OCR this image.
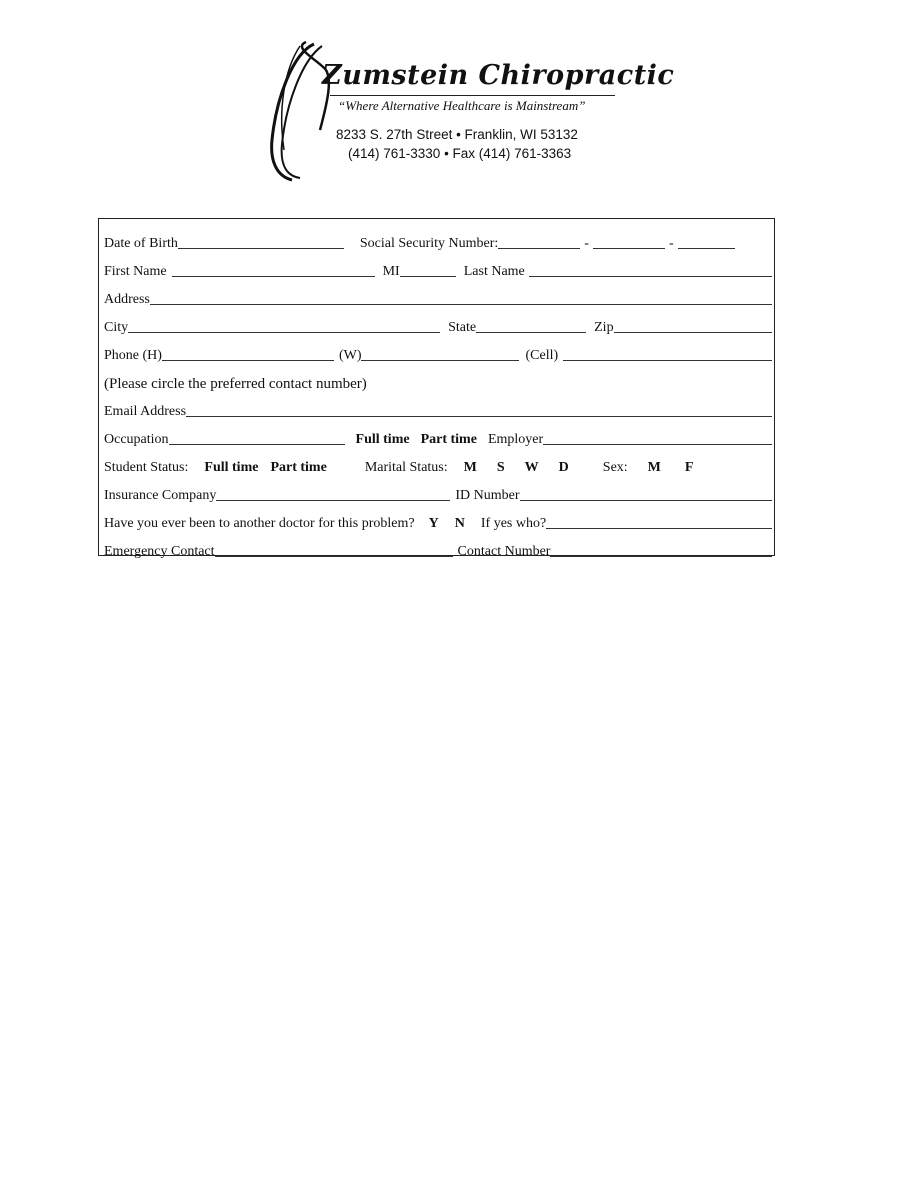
Zumstein Chiropractic
“Where Alternative Healthcare is Mainstream”
8233 S. 27th Street • Franklin, WI 53132
(414) 761-3330 • Fax (414) 761-3363
Date of Birth	Social Security Number:	-	-
First Name	MI	Last Name
Address
City	State	Zip
Phone (H)	(W)	(Cell)
(Please circle the preferred contact number)
Email Address
Occupation	Full time Part time Employer
Student Status: Full time Part time	Marital Status: M S W D Sex: M F
Insurance Company	ID Number
Have you ever been to another doctor for this problem? Y N If yes who?
Emergency Contact	Contact Number
